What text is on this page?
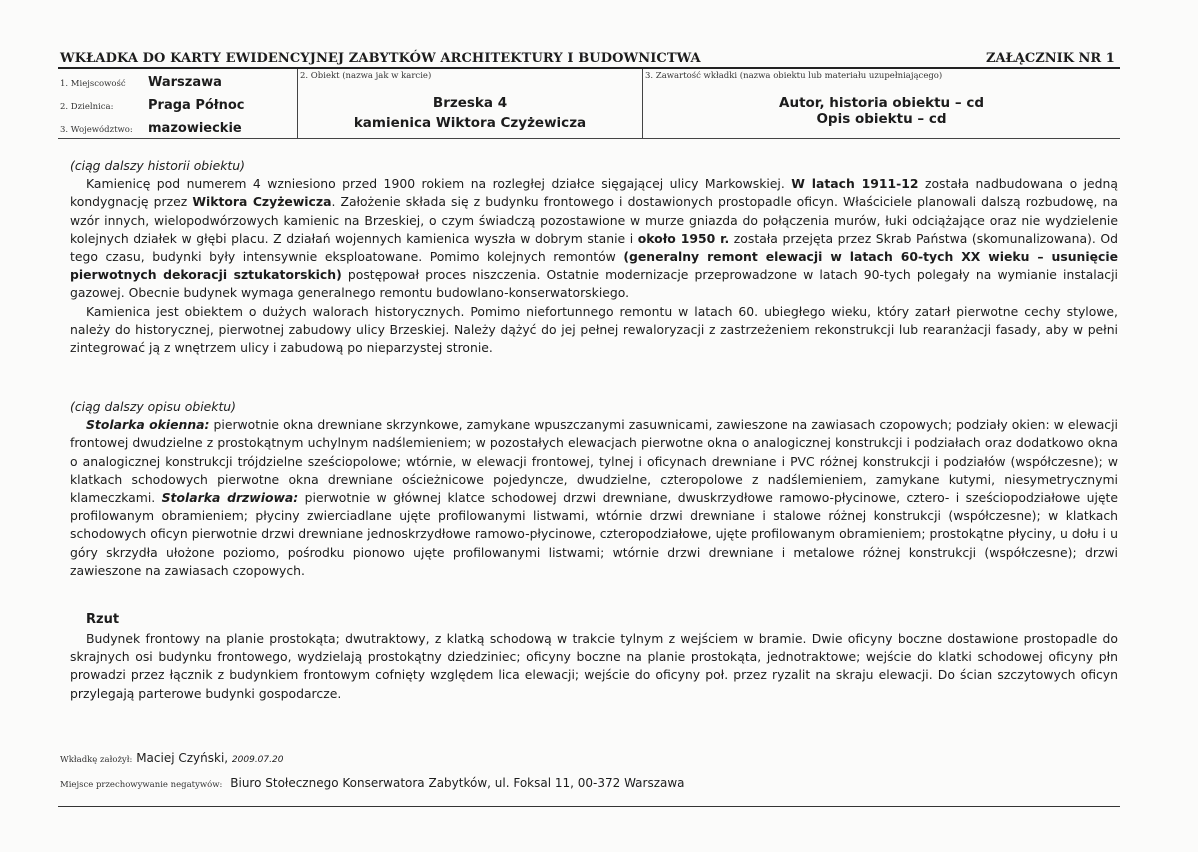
WKŁADKA DO KARTY EWIDENCYJNEJ ZABYTKÓW ARCHITEKTURY I BUDOWNICTWA	ZAŁĄCZNIK NR 1
1. Miejscowość Warszawa
2. Dzielnica:	Praga Północ
3. Województwo: mazowieckie
2. Obiekt (nazwa jak w karcie)
Brzeska 4
kamienica Wiktora Czyżewicza
3. Zawartość wkładki (nazwa obiektu lub materiału uzupełniającego)
Autor, historia obiektu – cd
Opis obiektu – cd

(ciąg dalszy historii obiektu)

Kamienicę pod numerem 4 wzniesiono przed 1900 rokiem na rozległej działce sięgającej ulicy Markowskiej. W latach 1911-12 została nadbudowana o jedną kondygnację przez Wiktora Czyżewicza. Założenie składa się z budynku frontowego i dostawionych prostopadle oficyn. Właściciele planowali dalszą rozbudowę, na wzór innych, wielopodwórzowych kamienic na Brzeskiej, o czym świadczą pozostawione w murze gniazda do połączenia murów, łuki odciążające oraz nie wydzielenie kolejnych działek w głębi placu. Z działań wojennych kamienica wyszła w dobrym stanie i około 1950 r. została przejęta przez Skrab Państwa (skomunalizowana). Od tego czasu, budynki były intensywnie eksploatowane. Pomimo kolejnych remontów (generalny remont elewacji w latach 60-tych XX wieku – usunięcie pierwotnych dekoracji sztukatorskich) postępował proces niszczenia. Ostatnie modernizacje przeprowadzone w latach 90-tych polegały na wymianie instalacji gazowej. Obecnie budynek wymaga generalnego remontu budowlano-konserwatorskiego.

Kamienica jest obiektem o dużych walorach historycznych. Pomimo niefortunnego remontu w latach 60. ubiegłego wieku, który zatarł pierwotne cechy stylowe, należy do historycznej, pierwotnej zabudowy ulicy Brzeskiej. Należy dążyć do jej pełnej rewaloryzacji z zastrzeżeniem rekonstrukcji lub rearanżacji fasady, aby w pełni zintegrować ją z wnętrzem ulicy i zabudową po nieparzystej stronie.

(ciąg dalszy opisu obiektu)

Stolarka okienna: pierwotnie okna drewniane skrzynkowe, zamykane wpuszczanymi zasuwnicami, zawieszone na zawiasach czopowych; podziały okien: w elewacji frontowej dwudzielne z prostokątnym uchylnym nadślemieniem; w pozostałych elewacjach pierwotne okna o analogicznej konstrukcji i podziałach oraz dodatkowo okna o analogicznej konstrukcji trójdzielne sześciopolowe; wtórnie, w elewacji frontowej, tylnej i oficynach drewniane i PVC różnej konstrukcji i podziałów (współczesne); w klatkach schodowych pierwotne okna drewniane ościeżnicowe pojedyncze, dwudzielne, czteropolowe z nadślemieniem, zamykane kutymi, niesymetrycznymi klameczkami. Stolarka drzwiowa: pierwotnie w głównej klatce schodowej drzwi drewniane, dwuskrzydłowe ramowo-płycinowe, cztero- i sześciopodziałowe ujęte profilowanym obramieniem; płyciny zwierciadlane ujęte profilowanymi listwami, wtórnie drzwi drewniane i stalowe różnej konstrukcji (współczesne); w klatkach schodowych oficyn pierwotnie drzwi drewniane jednoskrzydłowe ramowo-płycinowe, czteropodziałowe, ujęte profilowanym obramieniem; prostokątne płyciny, u dołu i u góry skrzydła ułożone poziomo, pośrodku pionowo ujęte profilowanymi listwami; wtórnie drzwi drewniane i metalowe różnej konstrukcji (współczesne); drzwi zawieszone na zawiasach czopowych.

Rzut

Budynek frontowy na planie prostokąta; dwutraktowy, z klatką schodową w trakcie tylnym z wejściem w bramie. Dwie oficyny boczne dostawione prostopadle do skrajnych osi budynku frontowego, wydzielają prostokątny dziedziniec; oficyny boczne na planie prostokąta, jednotraktowe; wejście do klatki schodowej oficyny płn prowadzi przez łącznik z budynkiem frontowym cofnięty względem lica elewacji; wejście do oficyny poł. przez ryzalit na skraju elewacji. Do ścian szczytowych oficyn przylegają parterowe budynki gospodarcze.

Wkładkę założył: Maciej Czyński, 2009.07.20
Miejsce przechowywanie negatywów: Biuro Stołecznego Konserwatora Zabytków, ul. Foksal 11, 00-372 Warszawa
